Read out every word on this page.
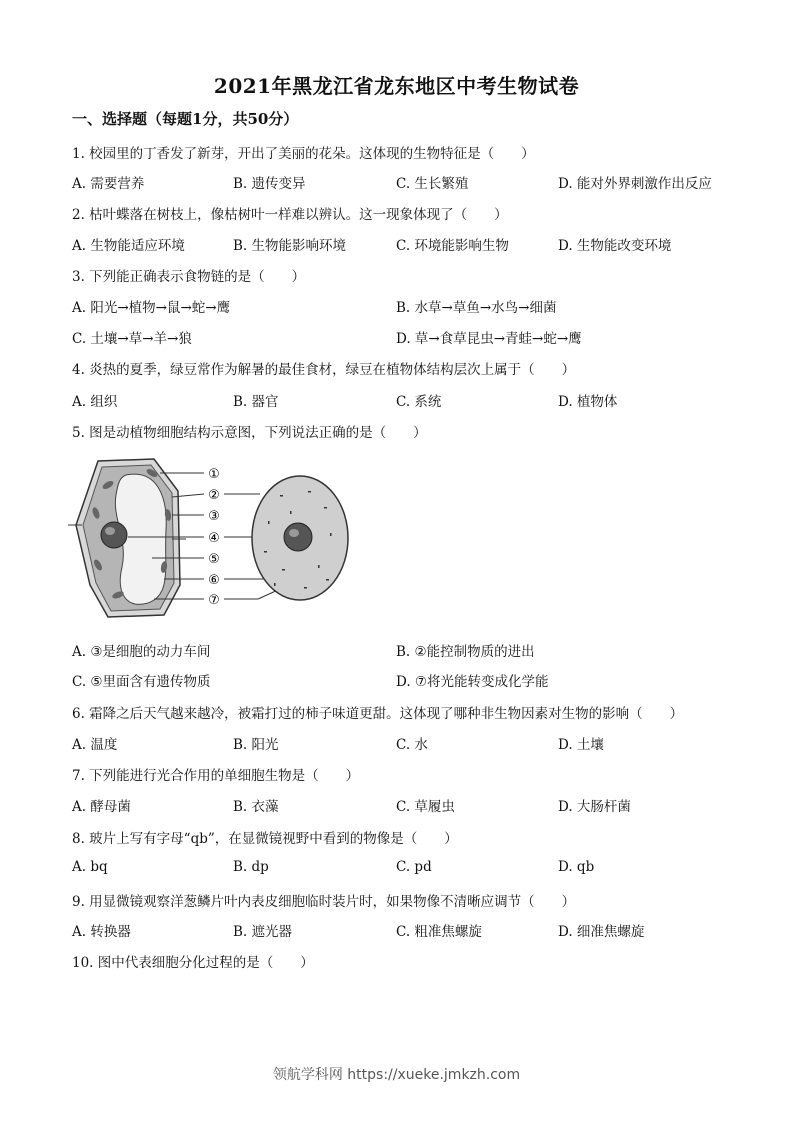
2021年黑龙江省龙东地区中考生物试卷
一、选择题（每题1分，共50分）
1. 校园里的丁香发了新芽，开出了美丽的花朵。这体现的生物特征是（　　）
A. 需要营养	B. 遗传变异	C. 生长繁殖	D. 能对外界刺激作出反应
2. 枯叶蝶落在树枝上，像枯树叶一样难以辨认。这一现象体现了（　　）
A. 生物能适应环境	B. 生物能影响环境	C. 环境能影响生物	D. 生物能改变环境
3. 下列能正确表示食物链的是（　　）
A. 阳光→植物→鼠→蛇→鹰	B. 水草→草鱼→水鸟→细菌
C. 土壤→草→羊→狼	D. 草→食草昆虫→青蛙→蛇→鹰
4. 炎热的夏季，绿豆常作为解暑的最佳食材，绿豆在植物体结构层次上属于（　　）
A. 组织	B. 器官	C. 系统	D. 植物体
5. 图是动植物细胞结构示意图，下列说法正确的是（　　）
①
②
③
④
⑤
⑥
⑦
A. ③是细胞的动力车间	B. ②能控制物质的进出
C. ⑤里面含有遗传物质	D. ⑦将光能转变成化学能
6. 霜降之后天气越来越冷，被霜打过的柿子味道更甜。这体现了哪种非生物因素对生物的影响（　　）
A. 温度	B. 阳光	C. 水	D. 土壤
7. 下列能进行光合作用的单细胞生物是（　　）
A. 酵母菌	B. 衣藻	C. 草履虫	D. 大肠杆菌
8. 玻片上写有字母“qb”，在显微镜视野中看到的物像是（　　）
A. bq	B. dp	C. pd	D. qb
9. 用显微镜观察洋葱鳞片叶内表皮细胞临时装片时，如果物像不清晰应调节（　　）
A. 转换器	B. 遮光器	C. 粗准焦螺旋	D. 细准焦螺旋
10. 图中代表细胞分化过程的是（　　）
领航学科网 https://xueke.jmkzh.com
